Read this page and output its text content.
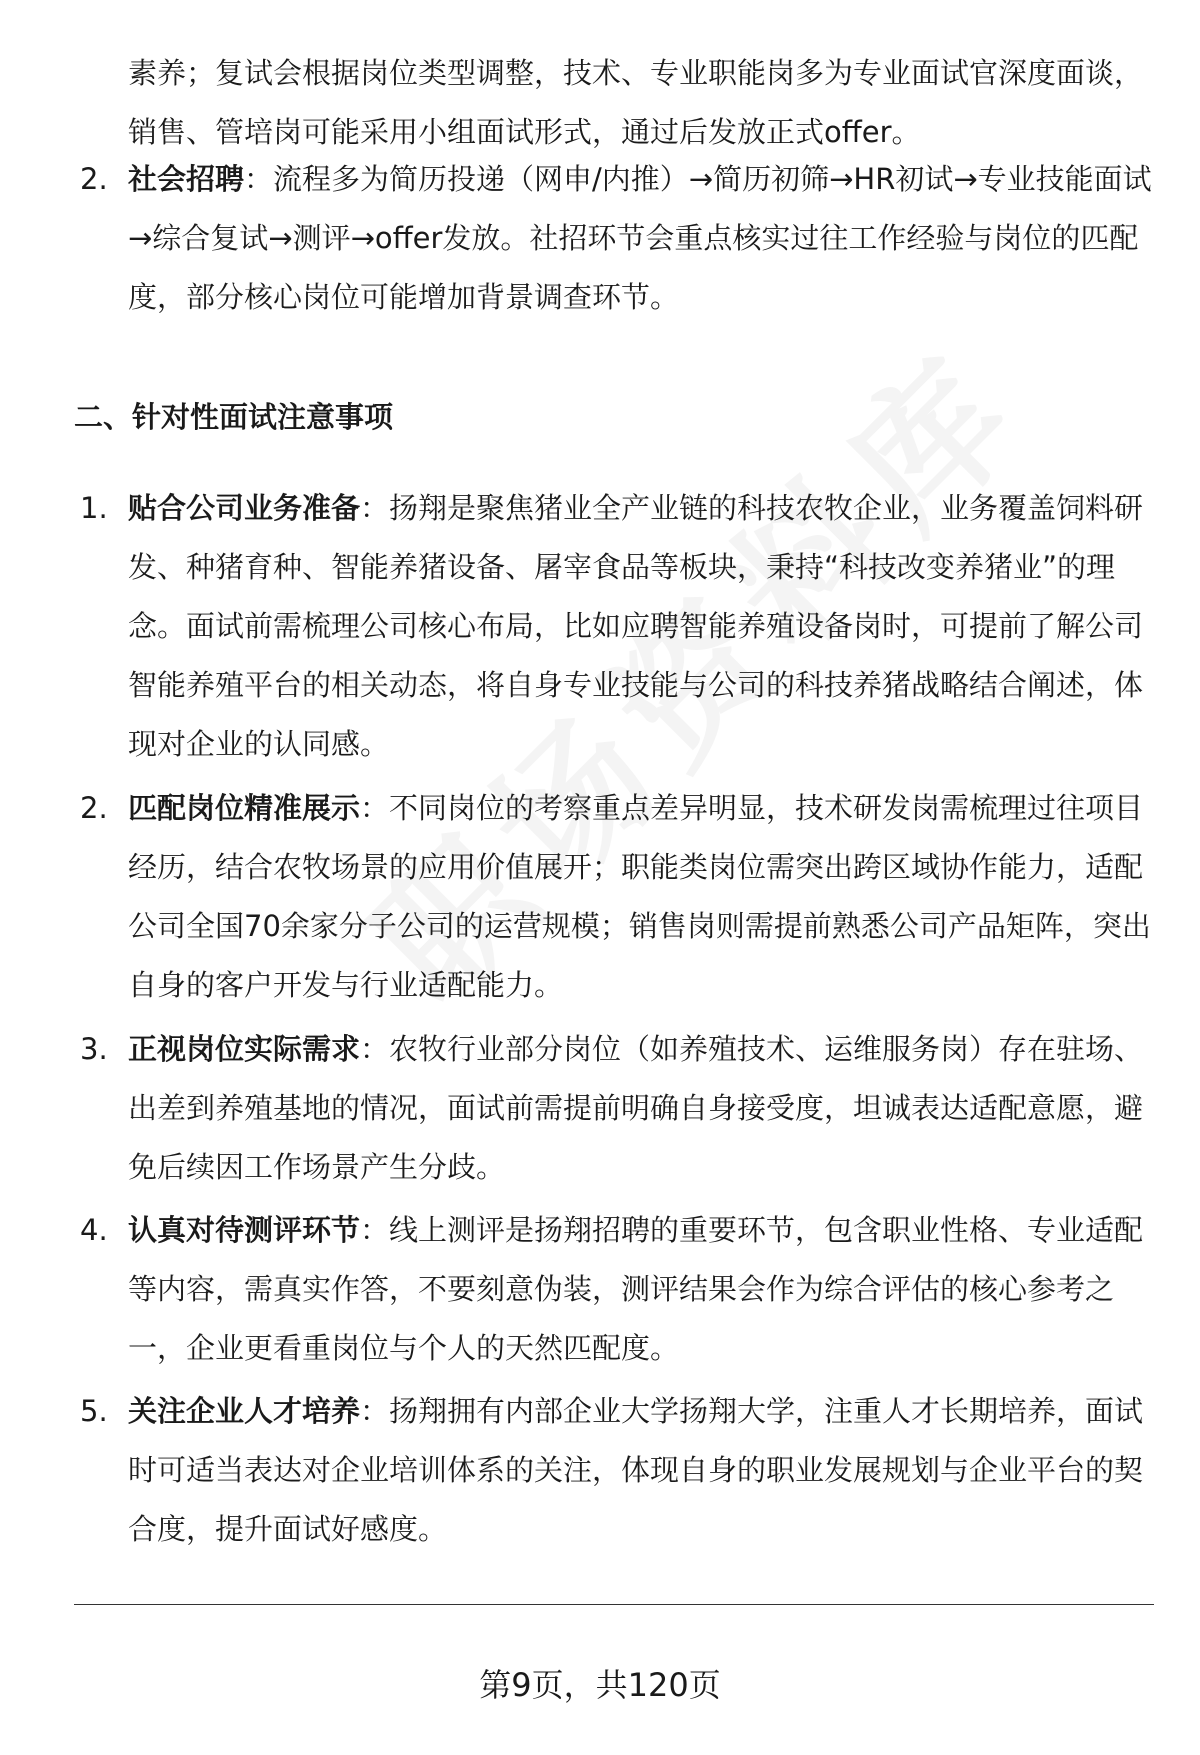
素养；复试会根据岗位类型调整，技术、专业职能岗多为专业面试官深度面谈，销售、管培岗可能采用小组面试形式，通过后发放正式offer。

2. 社会招聘：流程多为简历投递（网申/内推）→简历初筛→HR初试→专业技能面试→综合复试→测评→offer发放。社招环节会重点核实过往工作经验与岗位的匹配度，部分核心岗位可能增加背景调查环节。

二、针对性面试注意事项
1. 贴合公司业务准备：扬翔是聚焦猪业全产业链的科技农牧企业，业务覆盖饲料研发、种猪育种、智能养猪设备、屠宰食品等板块，秉持“科技改变养猪业”的理念。面试前需梳理公司核心布局，比如应聘智能养殖设备岗时，可提前了解公司智能养殖平台的相关动态，将自身专业技能与公司的科技养猪战略结合阐述，体现对企业的认同感。

2. 匹配岗位精准展示：不同岗位的考察重点差异明显，技术研发岗需梳理过往项目经历，结合农牧场景的应用价值展开；职能类岗位需突出跨区域协作能力，适配公司全国70余家分子公司的运营规模；销售岗则需提前熟悉公司产品矩阵，突出自身的客户开发与行业适配能力。

3. 正视岗位实际需求：农牧行业部分岗位（如养殖技术、运维服务岗）存在驻场、出差到养殖基地的情况，面试前需提前明确自身接受度，坦诚表达适配意愿，避免后续因工作场景产生分歧。

4. 认真对待测评环节：线上测评是扬翔招聘的重要环节，包含职业性格、专业适配等内容，需真实作答，不要刻意伪装，测评结果会作为综合评估的核心参考之一，企业更看重岗位与个人的天然匹配度。

5. 关注企业人才培养：扬翔拥有内部企业大学扬翔大学，注重人才长期培养，面试时可适当表达对企业培训体系的关注，体现自身的职业发展规划与企业平台的契合度，提升面试好感度。

第9页，共120页
